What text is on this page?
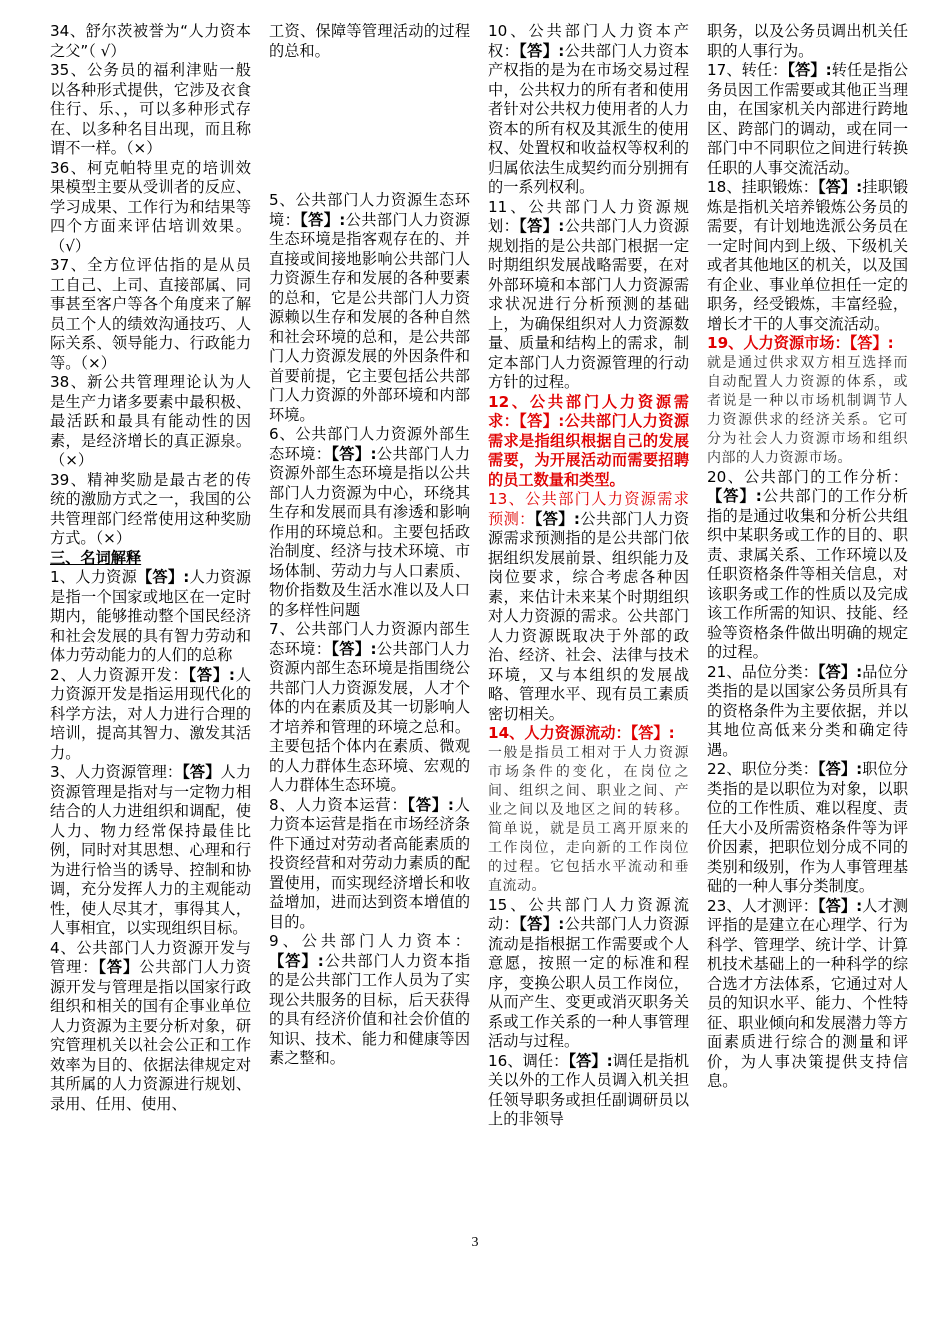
34、舒尔茨被誉为“人力资本之父”（ √）

35、公务员的福利津贴一般以各种形式提供，它涉及衣食住行、乐、，可以多种形式存在、以多种名目出现，而且称谓不一样。（×）

36、柯克帕特里克的培训效果模型主要从受训者的反应、学习成果、工作行为和结果等四个方面来评估培训效果。（√）

37、全方位评估指的是从员工自己、上司、直接部属、同事甚至客户等各个角度来了解员工个人的绩效沟通技巧、人际关系、领导能力、行政能力等。（×）

38、新公共管理理论认为人是生产力诸多要素中最积极、最活跃和最具有能动性的因素，是经济增长的真正源泉。（×）

39、精神奖励是最古老的传统的激励方式之一，我国的公共管理部门经常使用这种奖励方式。（×）

三、名词解释

1、人力资源【答】:人力资源是指一个国家或地区在一定时期内，能够推动整个国民经济和社会发展的具有智力劳动和体力劳动能力的人们的总称

2、人力资源开发：【答】:人力资源开发是指运用现代化的科学方法，对人力进行合理的培训，提高其智力、激发其活力。

3、人力资源管理：【答】人力资源管理是指对与一定物力相结合的人力进组织和调配，使人力、物力经常保持最佳比例，同时对其思想、心理和行为进行恰当的诱导、控制和协调，充分发挥人力的主观能动性，使人尽其才，事得其人，人事相宜，以实现组织目标。

4、公共部门人力资源开发与管理：【答】公共部门人力资源开发与管理是指以国家行政组织和相关的国有企事业单位人力资源为主要分析对象，研究管理机关以社会公正和工作效率为目的、依据法律规定对其所属的人力资源进行规划、录用、任用、使用、

工资、保障等管理活动的过程的总和。

5、公共部门人力资源生态环境：【答】:公共部门人力资源生态环境是指客观存在的、并直接或间接地影响公共部门人力资源生存和发展的各种要素的总和，它是公共部门人力资源赖以生存和发展的各种自然和社会环境的总和，是公共部门人力资源发展的外因条件和首要前提，它主要包括公共部门人力资源的外部环境和内部环境。

6、公共部门人力资源外部生态环境：【答】:公共部门人力资源外部生态环境是指以公共部门人力资源为中心，环绕其生存和发展而具有渗透和影响作用的环境总和。主要包括政治制度、经济与技术环境、市场体制、劳动力与人口素质、物价指数及生活水准以及人口的多样性问题

7、公共部门人力资源内部生态环境：【答】:公共部门人力资源内部生态环境是指围绕公共部门人力资源发展，人才个体的内在素质及其一切影响人才培养和管理的环境之总和。主要包括个体内在素质、微观的人力群体生态环境、宏观的人力群体生态环境。

8、人力资本运营：【答】:人力资本运营是指在市场经济条件下通过对劳动者高能素质的投资经营和对劳动力素质的配置使用，而实现经济增长和收益增加，进而达到资本增值的目的。

9、公共部门人力资本：【答】:公共部门人力资本指的是公共部门工作人员为了实现公共服务的目标，后天获得的具有经济价值和社会价值的知识、技术、能力和健康等因素之整和。

10、公共部门人力资本产权：【答】:公共部门人力资本产权指的是为在市场交易过程中，公共权力的所有者和使用者针对公共权力使用者的人力资本的所有权及其派生的使用权、处置权和收益权等权利的归属依法生成契约而分别拥有的一系列权利。

11、公共部门人力资源规划：【答】:公共部门人力资源规划指的是公共部门根据一定时期组织发展战略需要，在对外部环境和本部门人力资源需求状况进行分析预测的基础上，为确保组织对人力资源数量、质量和结构上的需求，制定本部门人力资源管理的行动方针的过程。

12、公共部门人力资源需求：【答】:公共部门人力资源需求是指组织根据自己的发展需要，为开展活动而需要招聘的员工数量和类型。

13、公共部门人力资源需求预测：【答】:公共部门人力资源需求预测指的是公共部门依据组织发展前景、组织能力及岗位要求，综合考虑各种因素，来估计未来某个时期组织对人力资源的需求。公共部门人力资源既取决于外部的政治、经济、社会、法律与技术环境，又与本组织的发展战略、管理水平、现有员工素质密切相关。

14、人力资源流动：【答】:

一般是指员工相对于人力资源市场条件的变化，在岗位之间、组织之间、职业之间、产业之间以及地区之间的转移。简单说，就是员工离开原来的工作岗位，走向新的工作岗位的过程。它包括水平流动和垂直流动。

15、公共部门人力资源流动：【答】:公共部门人力资源流动是指根据工作需要或个人意愿，按照一定的标准和程序，变换公职人员工作岗位，从而产生、变更或消灭职务关系或工作关系的一种人事管理活动与过程。

16、调任：【答】:调任是指机关以外的工作人员调入机关担任领导职务或担任副调研员以上的非领导

职务，以及公务员调出机关任职的人事行为。

17、转任：【答】:转任是指公务员因工作需要或其他正当理由，在国家机关内部进行跨地区、跨部门的调动，或在同一部门中不同职位之间进行转换任职的人事交流活动。

18、挂职锻炼：【答】:挂职锻炼是指机关培养锻炼公务员的需要，有计划地选派公务员在一定时间内到上级、下级机关或者其他地区的机关，以及国有企业、事业单位担任一定的职务，经受锻炼，丰富经验，增长才干的人事交流活动。

19、人力资源市场：【答】:

就是通过供求双方相互选择而自动配置人力资源的体系，或者说是一种以市场机制调节人力资源供求的经济关系。它可分为社会人力资源市场和组织内部的人力资源市场。

20、公共部门的工作分析：【答】:公共部门的工作分析指的是通过收集和分析公共组织中某职务或工作的目的、职责、隶属关系、工作环境以及任职资格条件等相关信息，对该职务或工作的性质以及完成该工作所需的知识、技能、经验等资格条件做出明确的规定的过程。

21、品位分类：【答】:品位分类指的是以国家公务员所具有的资格条件为主要依据，并以其地位高低来分类和确定待遇。

22、职位分类：【答】:职位分类指的是以职位为对象，以职位的工作性质、难以程度、责任大小及所需资格条件等为评价因素，把职位划分成不同的类别和级别，作为人事管理基础的一种人事分类制度。

23、人才测评：【答】:人才测评指的是建立在心理学、行为科学、管理学、统计学、计算机技术基础上的一种科学的综合选才方法体系，它通过对人员的知识水平、能力、个性特征、职业倾向和发展潜力等方面素质进行综合的测量和评价，为人事决策提供支持信息。

3
